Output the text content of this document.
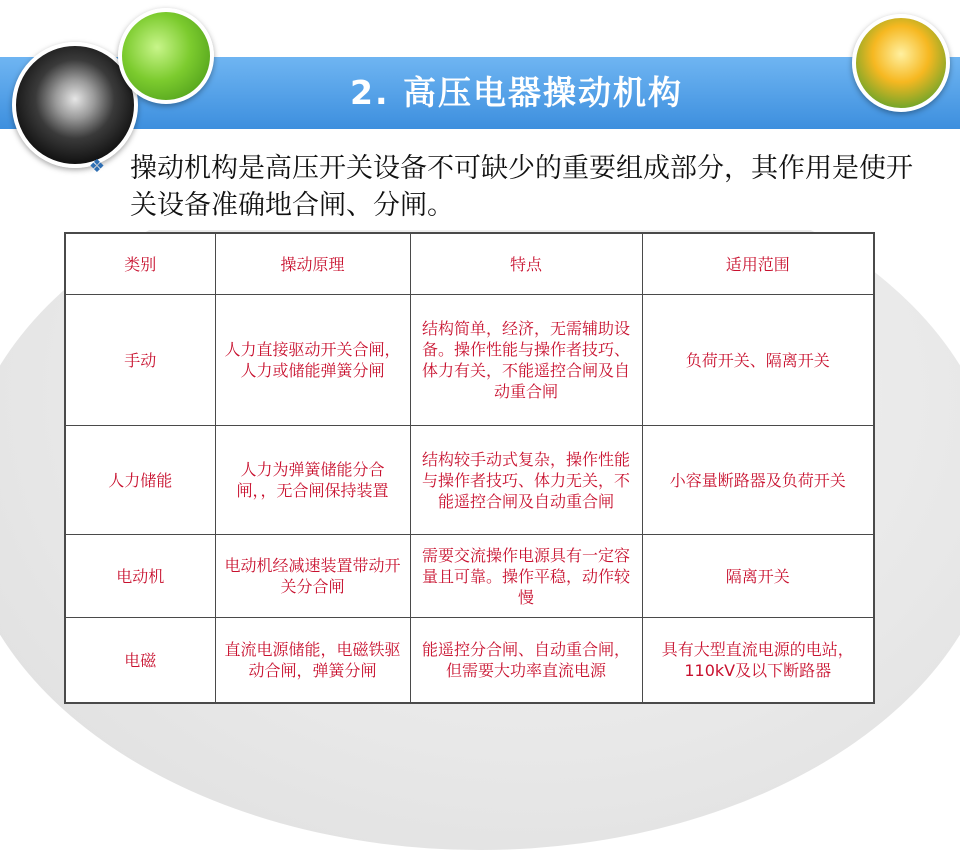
2. 高压电器操动机构
❖ 操动机构是高压开关设备不可缺少的重要组成部分，其作用是使开关设备准确地合闸、分闸。
类别	操动原理	特点	适用范围
手动	人力直接驱动开关合闸，人力或储能弹簧分闸	结构简单，经济，无需辅助设备。操作性能与操作者技巧、体力有关，不能遥控合闸及自动重合闸	负荷开关、隔离开关
人力储能	人力为弹簧储能分合闸，，无合闸保持装置	结构较手动式复杂，操作性能与操作者技巧、体力无关，不能遥控合闸及自动重合闸	小容量断路器及负荷开关
电动机	电动机经减速装置带动开关分合闸	需要交流操作电源具有一定容量且可靠。操作平稳，动作较慢	隔离开关
电磁	直流电源储能，电磁铁驱动合闸，弹簧分闸	能遥控分合闸、自动重合闸，但需要大功率直流电源	具有大型直流电源的电站，110kV及以下断路器
